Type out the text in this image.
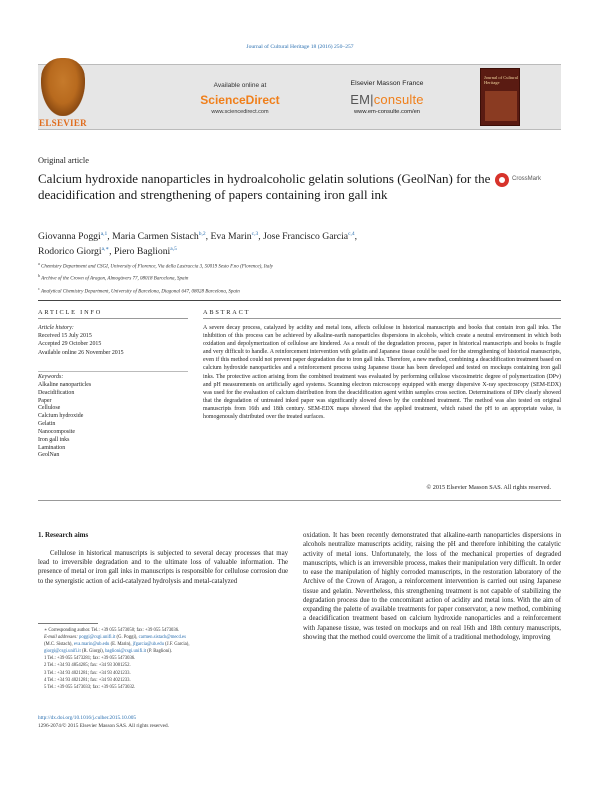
Journal of Cultural Heritage 18 (2016) 250–257
ELSEVIER
Available online at
ScienceDirect
www.sciencedirect.com
Elsevier Masson France
EM|consulte
www.em-consulte.com/en
Journal of Cultural Heritage
Original article
Calcium hydroxide nanoparticles in hydroalcoholic gelatin solutions (GeolNan) for the deacidification and strengthening of papers containing iron gall ink
CrossMark
Giovanna Poggi$^{a,1}$, Maria Carmen Sistach$^{b,2}$, Eva Marin$^{c,3}$, Jose Francisco Garcia$^{c,4}$,
Rodorico Giorgi$^{a,∗}$, Piero Baglioni$^{a,5}$
$^a$ Chemistry Department and CSGI, University of Florence, Via della Lastruccia 3, 50019 Sesto F.no (Florence), Italy
$^b$ Archive of the Crown of Aragon, Almogàvers 77, 08018 Barcelona, Spain
$^c$ Analytical Chemistry Department, University of Barcelona, Diagonal 647, 08028 Barcelona, Spain
ARTICLE INFO	ABSTRACT
Article history:
Received 15 July 2015
Accepted 29 October 2015
Available online 26 November 2015
Keywords:
Alkaline nanoparticles
Deacidification
Paper
Cellulose
Calcium hydroxide
Gelatin
Nanocomposite
Iron gall inks
Lamination
GeolNan
A severe decay process, catalyzed by acidity and metal ions, affects cellulose in historical manuscripts and books that contain iron gall inks. The inhibition of this process can be achieved by alkaline-earth nanoparticles dispersions in alcohols, which create a neutral environment in which both oxidation and depolymerization of cellulose are hindered. As a result of the degradation process, paper in historical manuscripts and books is fragile and very difficult to handle. A reinforcement intervention with gelatin and Japanese tissue could be used for the strengthening of historical manuscripts, even if this method could not prevent paper degradation due to iron gall inks. Therefore, a new method, combining a deacidification treatment based on calcium hydroxide nanoparticles and a reinforcement process using Japanese tissue has been developed and tested on mockups containing iron gall inks. The protective action arising from the combined treatment was evaluated by performing cellulose viscosimetric degree of polymerization (DPv) and pH measurements on artificially aged systems. Scanning electron microscopy equipped with energy dispersive X-ray spectroscopy (SEM-EDX) was used for the evaluation of calcium distribution from the deacidification agent within samples cross section. Determinations of DPv clearly showed that the degradation of untreated inked paper was significantly slowed down by the combined treatment. The method was also tested on original manuscripts from 16th and 18th century. SEM-EDX maps showed that the applied treatment, which raised the pH to an appropriate value, is homogenously distributed over the treated surfaces.
© 2015 Elsevier Masson SAS. All rights reserved.
1. Research aims
Cellulose in historical manuscripts is subjected to several decay processes that may lead to irreversible degradation and to the ultimate loss of valuable information. The presence of metal or iron gall inks in manuscripts is responsible for cellulose corrosion due to the synergistic action of acid-catalyzed hydrolysis and metal-catalyzed
oxidation. It has been recently demonstrated that alkaline-earth nanoparticles dispersions in alcohols neutralize manuscripts acidity, raising the pH and therefore inhibiting the catalytic activity of metal ions. Unfortunately, the loss of the mechanical properties of degraded manuscripts, which is an irreversible process, makes their manipulation very difficult. In order to ease the manipulation of highly corroded manuscripts, in the restoration laboratory of the Archive of the Crown of Aragon, a reinforcement intervention is carried out using Japanese tissue and gelatin. Nevertheless, this strengthening treatment is not capable of stabilizing the degradation process due to the concomitant action of acidity and metal ions. With the aim of expanding the palette of available treatments for paper conservator, a new method, combining a deacidification treatment based on calcium hydroxide nanoparticles and a reinforcement with Japanese tissue, was tested on mockups and on real 16th and 18th century manuscripts, showing that the method could overcome the limit of a traditional methodology, improving
∗ Corresponding author. Tel.: +39 055 5473050; fax: +39 055 5473036.
E-mail addresses: poggi@csgi.unifi.it (G. Poggi), carmen.sistach@mecd.es
(M.C. Sistach), eva.marin@ub.edu (E. Marin), jfgarcia@ub.edu (J.F. Garcia),
giorgi@csgi.unifi.it (R. Giorgi), baglioni@csgi.unifi.it (P. Baglioni).
1 Tel.: +39 055 5473281; fax: +39 055 5473036.
2 Tel.: +34 93 4854285; fax: +34 93 3001252.
3 Tel.: +34 93 4021281; fax: +34 93 4021233.
4 Tel.: +34 93 4021281; fax: +34 93 4021233.
5 Tel.: +39 055 5473033; fax: +39 055 5473032.
http://dx.doi.org/10.1016/j.culher.2015.10.005
1296-2074/© 2015 Elsevier Masson SAS. All rights reserved.
